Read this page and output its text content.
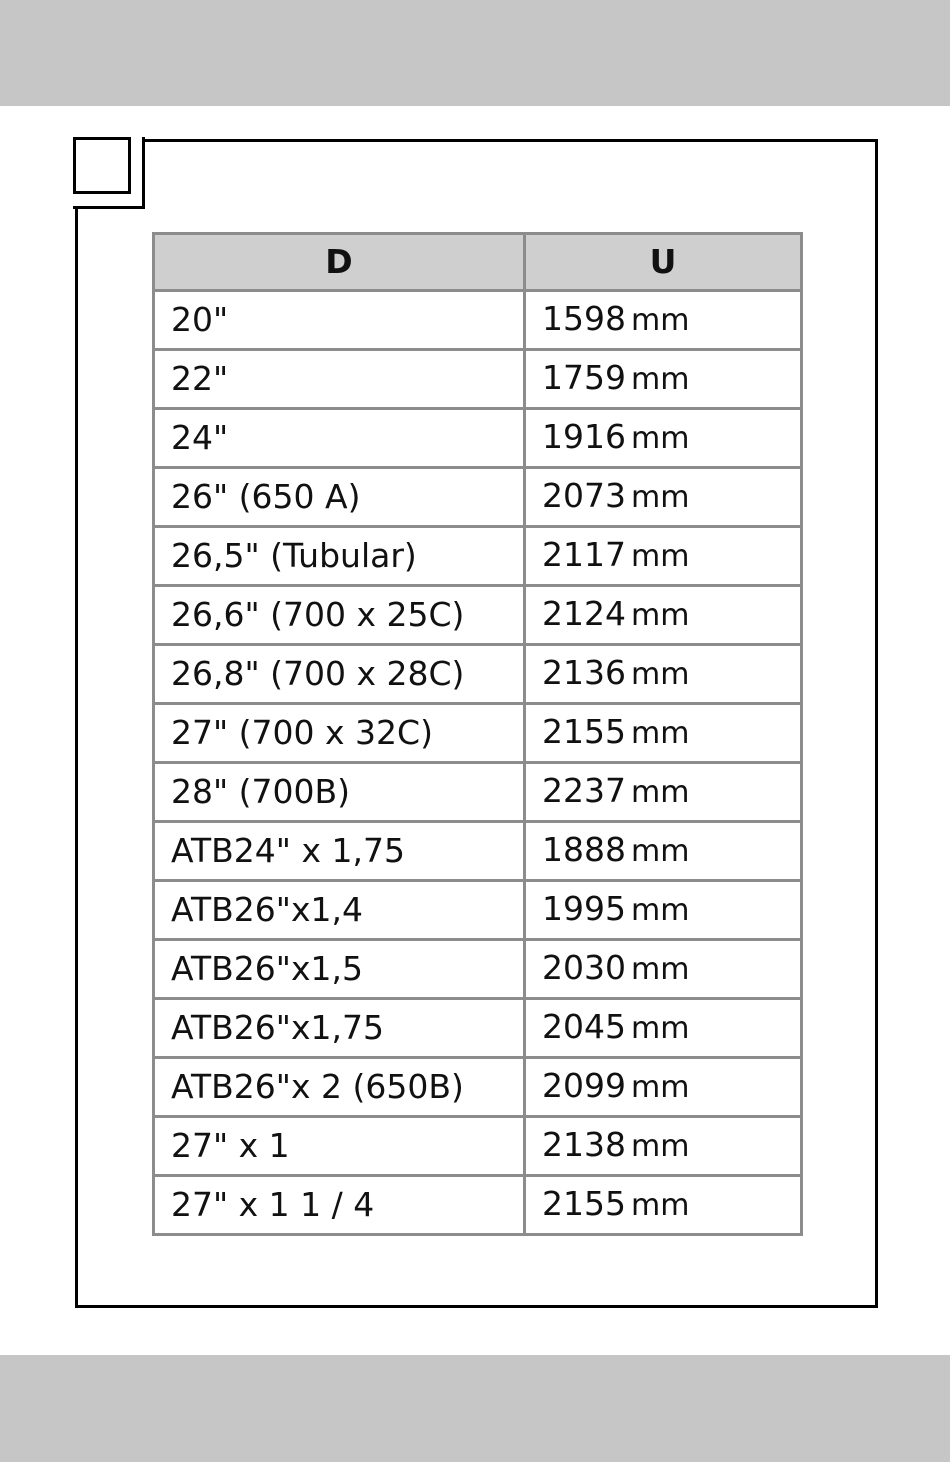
D	U
20"	1598 mm
22"	1759 mm
24"	1916 mm
26" (650 A)	2073 mm
26,5" (Tubular)	2117 mm
26,6" (700 x 25C)	2124 mm
26,8" (700 x 28C)	2136 mm
27" (700 x 32C)	2155 mm
28" (700B)	2237 mm
ATB24" x 1,75	1888 mm
ATB26"x1,4	1995 mm
ATB26"x1,5	2030 mm
ATB26"x1,75	2045 mm
ATB26"x 2 (650B)	2099 mm
27" x 1	2138 mm
27" x 1 1 / 4	2155 mm
